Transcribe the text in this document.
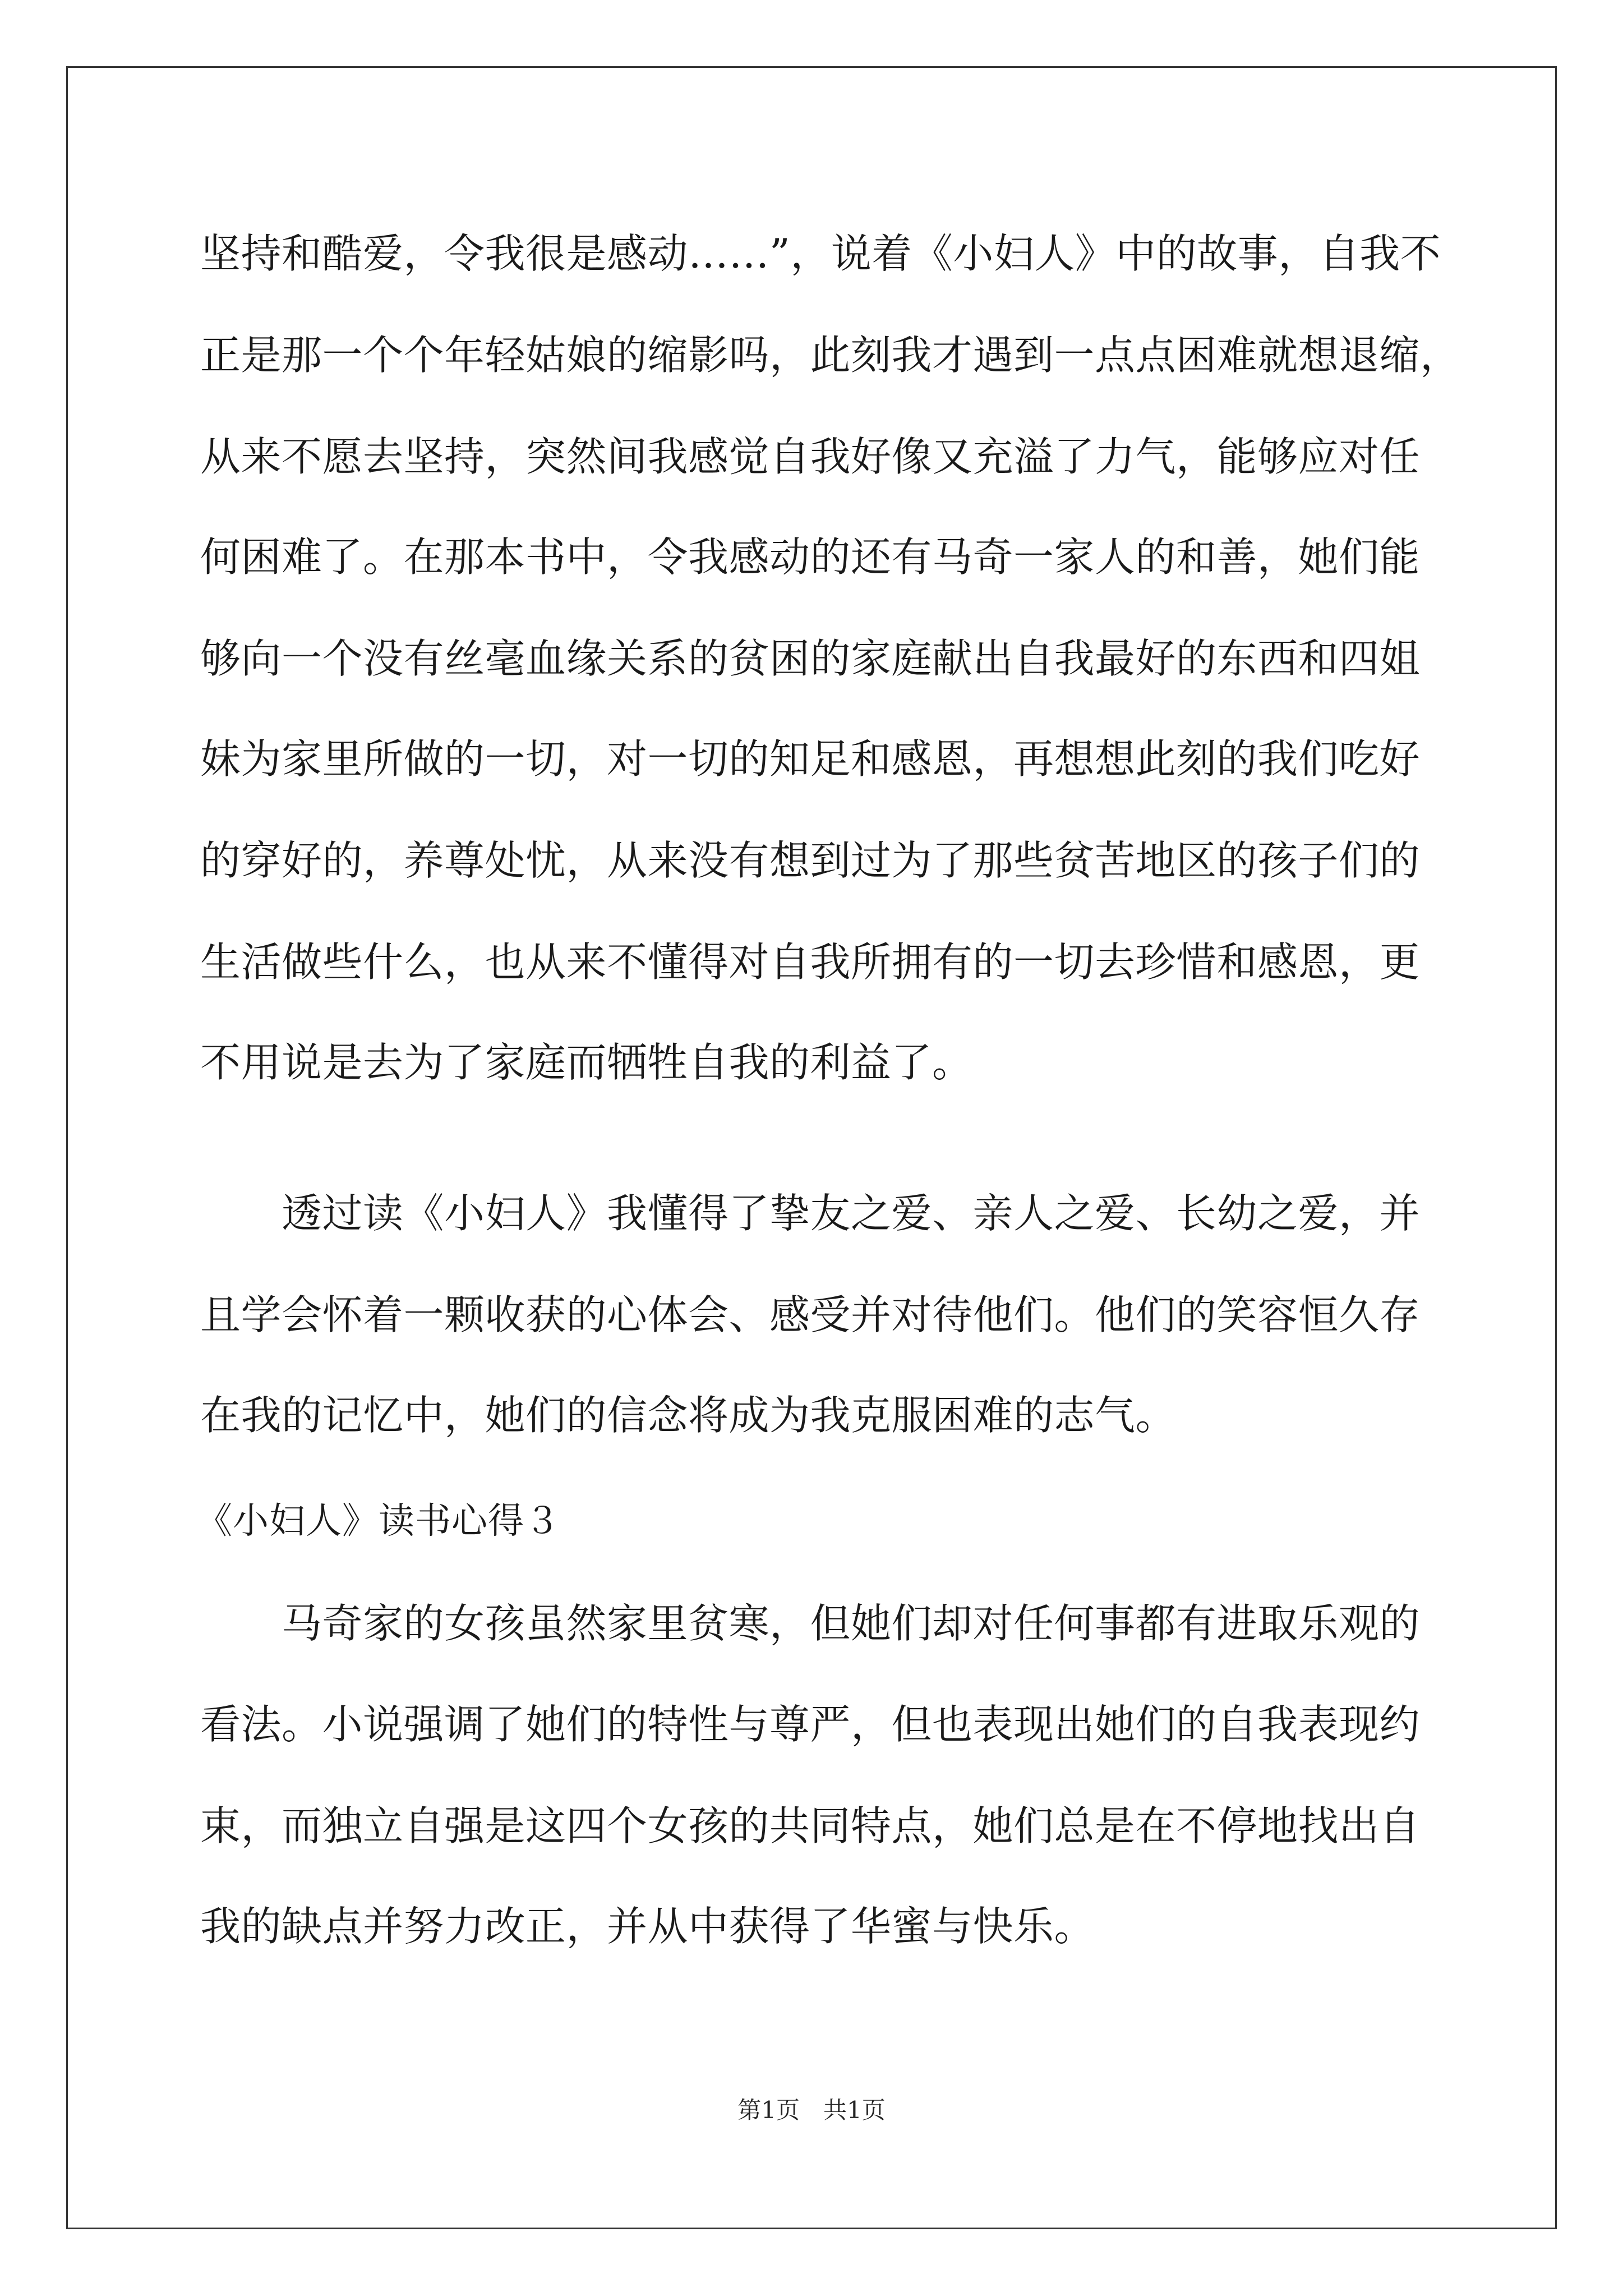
坚持和酷爱，令我很是感动……”，说着《小妇人》中的故事，自我不
正是那一个个年轻姑娘的缩影吗，此刻我才遇到一点点困难就想退缩，
从来不愿去坚持，突然间我感觉自我好像又充溢了力气，能够应对任
何困难了。在那本书中，令我感动的还有马奇一家人的和善，她们能
够向一个没有丝毫血缘关系的贫困的家庭献出自我最好的东西和四姐
妹为家里所做的一切，对一切的知足和感恩，再想想此刻的我们吃好
的穿好的，养尊处忧，从来没有想到过为了那些贫苦地区的孩子们的
生活做些什么，也从来不懂得对自我所拥有的一切去珍惜和感恩，更
不用说是去为了家庭而牺牲自我的利益了。
　　透过读《小妇人》我懂得了挚友之爱、亲人之爱、长幼之爱，并
且学会怀着一颗收获的心体会、感受并对待他们。他们的笑容恒久存
在我的记忆中，她们的信念将成为我克服困难的志气。
《小妇人》读书心得３
　　马奇家的女孩虽然家里贫寒，但她们却对任何事都有进取乐观的
看法。小说强调了她们的特性与尊严，但也表现出她们的自我表现约
束，而独立自强是这四个女孩的共同特点，她们总是在不停地找出自
我的缺点并努力改正，并从中获得了华蜜与快乐。
第1页　共1页
